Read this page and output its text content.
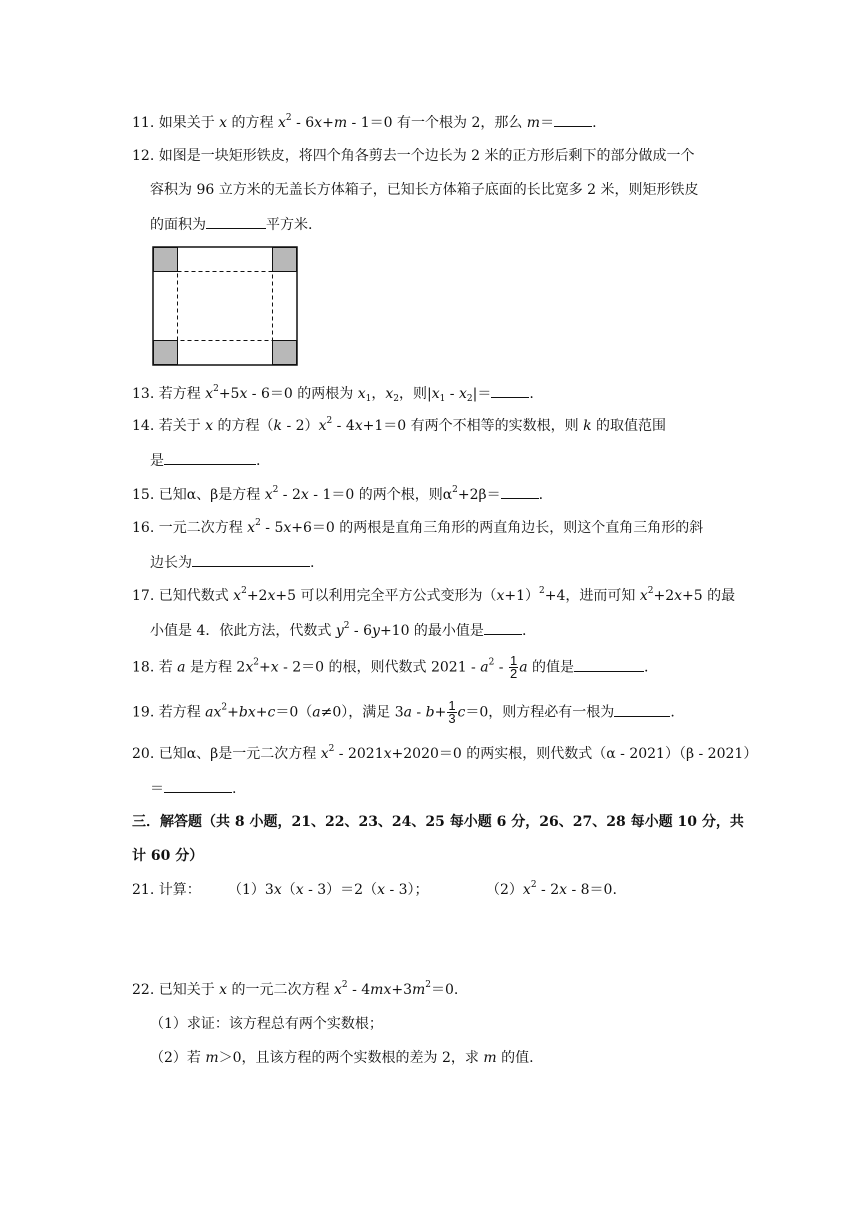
11. 如果关于 x 的方程 $x^2 - 6x+m - 1=0$ 有一个根为 2，那么 m＝	.
12. 如图是一块矩形铁皮，将四个角各剪去一个边长为 2 米的正方形后剩下的部分做成一个
容积为 96 立方米的无盖长方体箱子，已知长方体箱子底面的长比宽多 2 米，则矩形铁皮
的面积为	平方米.
13. 若方程 $x^2+5x - 6=0$ 的两根为 $x_1$，$x_2$，则$|x_1 - x_2|=$	.
14. 若关于 x 的方程$(k - 2)x^2 - 4x+1=0$ 有两个不相等的实数根，则 k 的取值范围
是	.
15. 已知α、β是方程 $x^2 - 2x - 1=0$ 的两个根，则$\alpha^2+2\beta=$	.
16. 一元二次方程 $x^2 - 5x+6=0$ 的两根是直角三角形的两直角边长，则这个直角三角形的斜
边长为	.
17. 已知代数式 $x^2+2x+5$ 可以利用完全平方公式变形为$(x+1)^2+4$，进而可知 $x^2+2x+5$ 的最
小值是 4．依此方法，代数式 $y^2 - 6y+10$ 的最小值是	.
18. 若 a 是方程 $2x^2+x - 2=0$ 的根，则代数式 $2021 - a^2 - \frac{1}{2}$ a 的值是	.
19. 若方程 $ax^2+bx+c=0(a\ne 0)$，满足 $3a - b+ \frac{1}{3} c=0$，则方程必有一根为	.
20. 已知α、β是一元二次方程 $x^2 - 2021x+2020=0$ 的两实根，则代数式（α - 2021）（β - 2021）
＝	.
三．解答题（共 8 小题，21、22、23、24、25 每小题 6 分，26、27、28 每小题 10 分，共
计 60 分）
21. 计算： （1）3x（x - 3）＝2（x - 3）；	$(2)x^2 - 2x - 8=0$.
22. 已知关于 x 的一元二次方程 $x^2 - 4mx+3m^2=0$.
（1）求证：该方程总有两个实数根；
（2）若 m＞0，且该方程的两个实数根的差为 2，求 m 的值.
